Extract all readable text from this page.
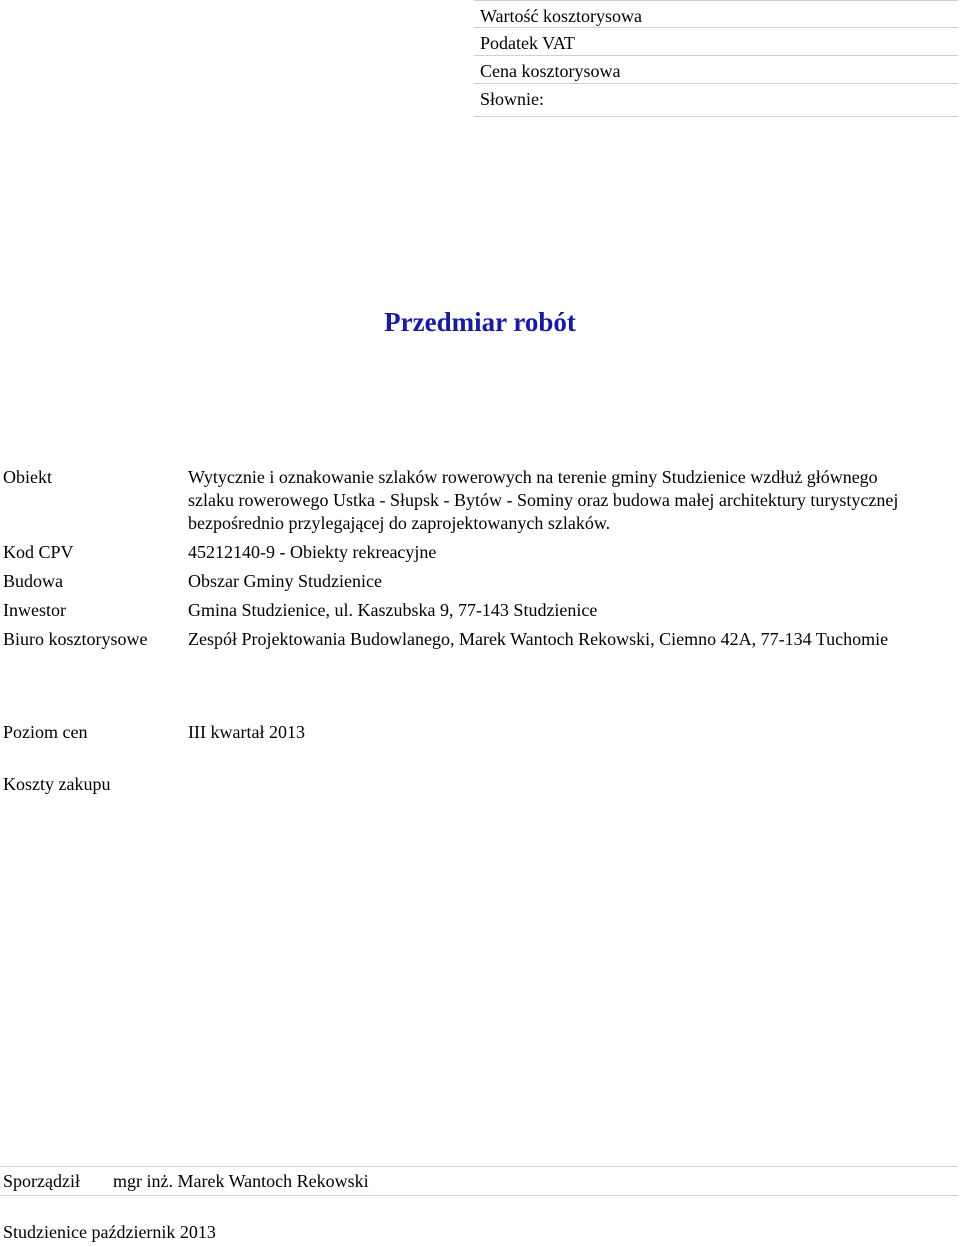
Wartość kosztorysowa
Podatek VAT
Cena kosztorysowa
Słownie:
Przedmiar robót
Obiekt	Wytycznie i oznakowanie szlaków rowerowych na terenie gminy Studzienice wzdłuż głównego szlaku rowerowego Ustka - Słupsk - Bytów - Sominy oraz budowa małej architektury turystycznej bezpośrednio przylegającej do zaprojektowanych szlaków.
Kod CPV	45212140-9 - Obiekty rekreacyjne
Budowa	Obszar Gminy Studzienice
Inwestor	Gmina Studzienice, ul. Kaszubska 9, 77-143 Studzienice
Biuro kosztorysowe	Zespół Projektowania Budowlanego, Marek Wantoch Rekowski, Ciemno 42A, 77-134 Tuchomie
Poziom cen	III kwartał 2013
Koszty zakupu
Sporządził mgr inż. Marek Wantoch Rekowski
Studzienice październik 2013
